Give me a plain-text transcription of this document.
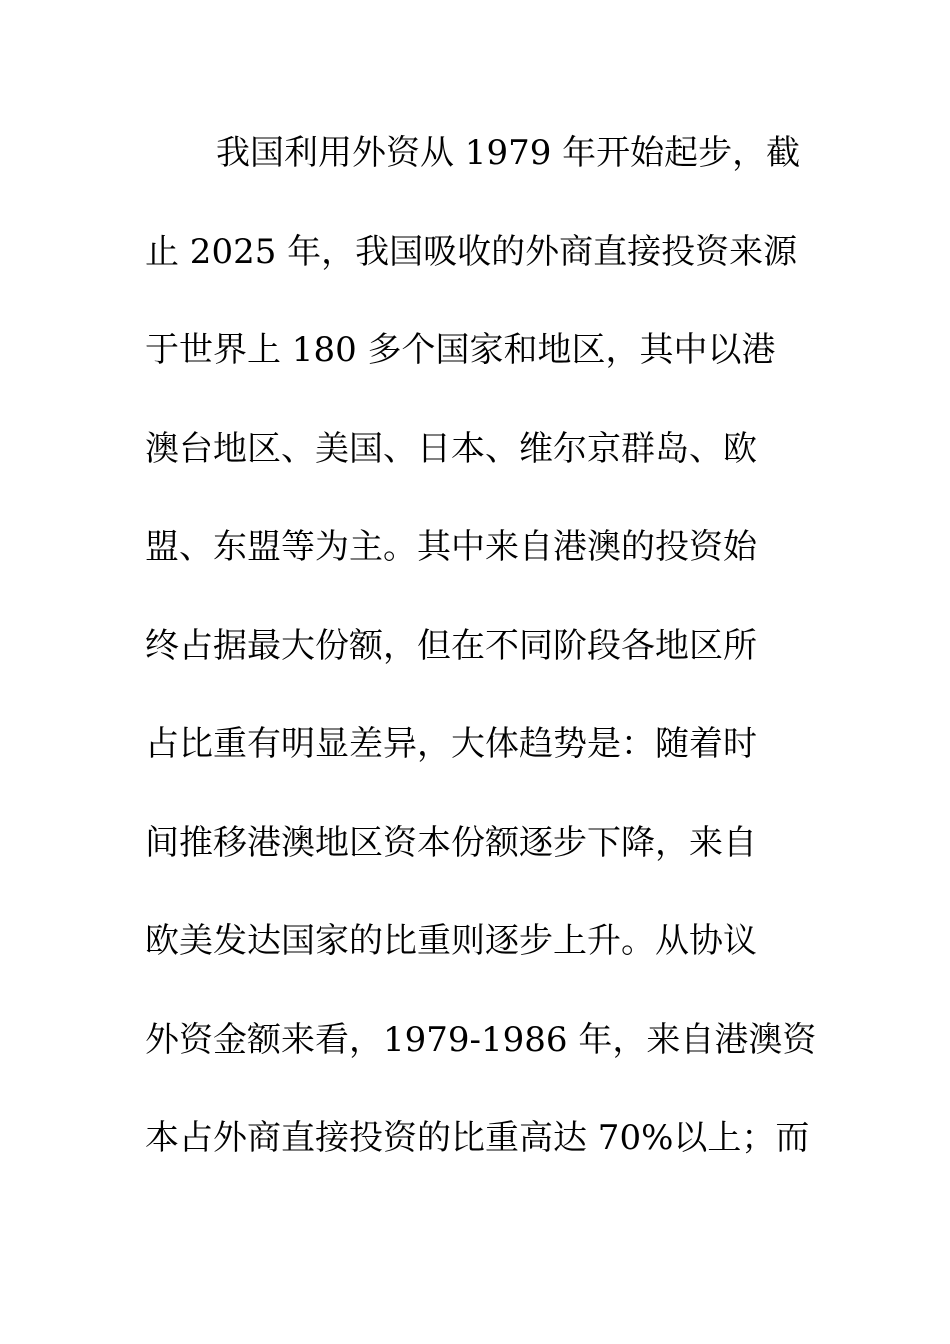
我国利用外资从 1979 年开始起步，截
止 2025 年，我国吸收的外商直接投资来源
于世界上 180 多个国家和地区，其中以港
澳台地区、美国、日本、维尔京群岛、欧
盟、东盟等为主。其中来自港澳的投资始
终占据最大份额，但在不同阶段各地区所
占比重有明显差异，大体趋势是：随着时
间推移港澳地区资本份额逐步下降，来自
欧美发达国家的比重则逐步上升。从协议
外资金额来看，1979-1986 年，来自港澳资
本占外商直接投资的比重高达 70%以上；而
